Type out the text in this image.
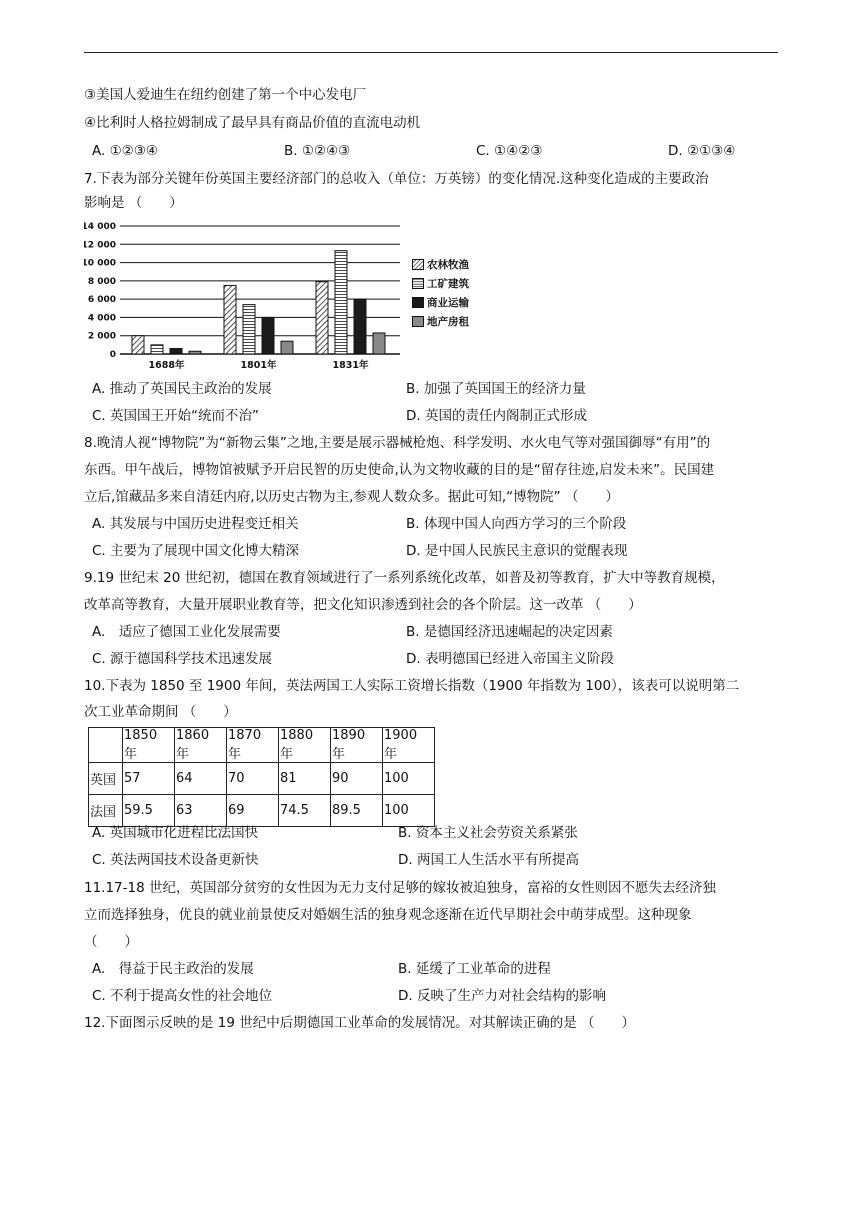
③美国人爱迪生在纽约创建了第一个中心发电厂
④比利时人格拉姆制成了最早具有商品价值的直流电动机
A. ①②③④	B. ①②④③	C. ①④②③	D. ②①③④
7.下表为部分关键年份英国主要经济部门的总收入（单位：万英镑）的变化情况.这种变化造成的主要政治
影响是 （　　）
0
2 000
4 000
6 000
8 000
10 000
12 000
14 000
1688年	1801年	1831年
A. 推动了英国民主政治的发展	B. 加强了英国国王的经济力量
C. 英国国王开始“统而不治”	D. 英国的责任内阁制正式形成
8.晚清人视“博物院”为“新物云集”之地,主要是展示器械枪炮、科学发明、水火电气等对强国御辱“有用”的
东西。甲午战后，博物馆被赋予开启民智的历史使命,认为文物收藏的目的是“留存往迹,启发未来”。民国建
立后,馆藏品多来自清廷内府,以历史古物为主,参观人数众多。据此可知,“博物院” （　　）
A. 其发展与中国历史进程变迁相关	B. 体现中国人向西方学习的三个阶段
C. 主要为了展现中国文化博大精深	D. 是中国人民族民主意识的觉醒表现
9.19 世纪末 20 世纪初，德国在教育领域进行了一系列系统化改革，如普及初等教育，扩大中等教育规模，
改革高等教育，大量开展职业教育等，把文化知识渗透到社会的各个阶层。这一改革 （　　）
A.　适应了德国工业化发展需要	B. 是德国经济迅速崛起的决定因素
C. 源于德国科学技术迅速发展	D. 表明德国已经进入帝国主义阶段
10.下表为 1850 至 1900 年间，英法两国工人实际工资增长指数（1900 年指数为 100），该表可以说明第二
次工业革命期间 （　　）
	1850 年	1860 年	1870 年	1880 年	1890 年	1900 年
英国	57	64	70	81	90	100
法国	59.5	63	69	74.5	89.5	100
A. 英国城市化进程比法国快	B. 资本主义社会劳资关系紧张
C. 英法两国技术设备更新快	D. 两国工人生活水平有所提高
11.17-18 世纪，英国部分贫穷的女性因为无力支付足够的嫁妆被迫独身，富裕的女性则因不愿失去经济独
立而选择独身，优良的就业前景使反对婚姻生活的独身观念逐渐在近代早期社会中萌芽成型。这种现象
（　　）
A.　得益于民主政治的发展	B. 延缓了工业革命的进程
C. 不利于提高女性的社会地位	D. 反映了生产力对社会结构的影响
12.下面图示反映的是 19 世纪中后期德国工业革命的发展情况。对其解读正确的是 （　　）
农林牧渔
工矿建筑
商业运输
地产房租
